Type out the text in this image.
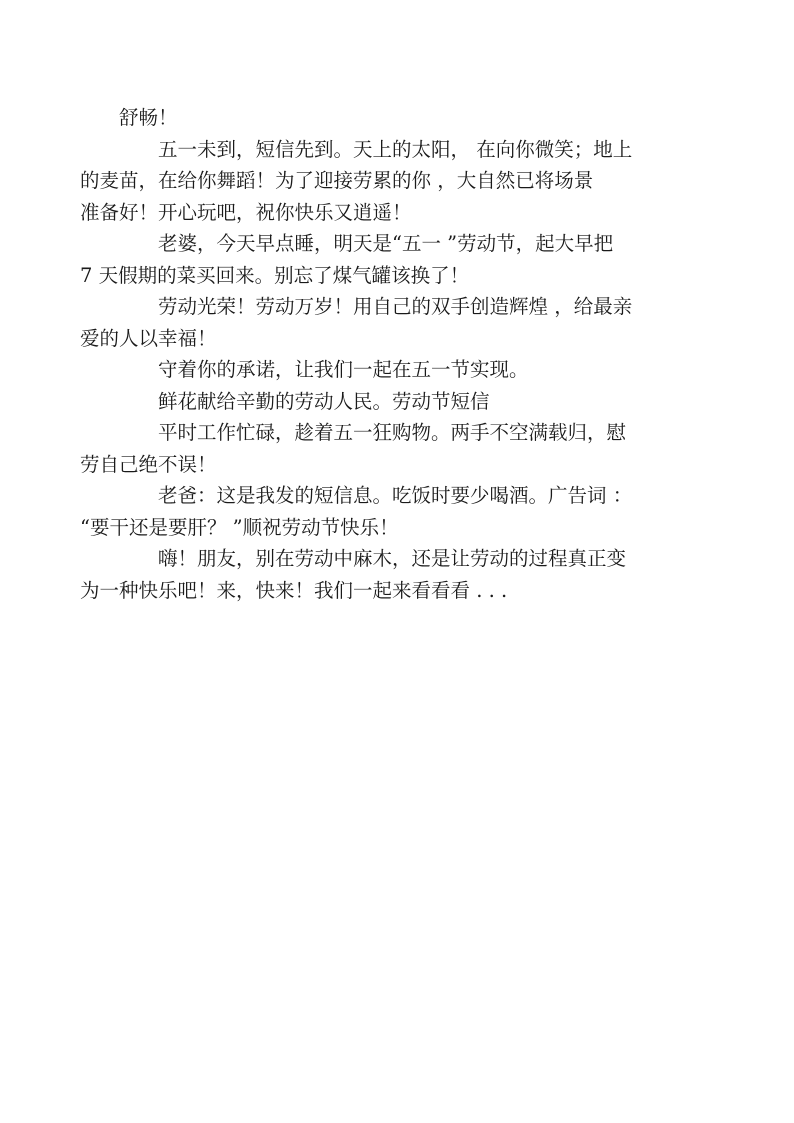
舒畅！

五一未到，短信先到。天上的太阳， 在向你微笑；地上
的麦苗，在给你舞蹈！为了迎接劳累的你 ，大自然已将场景
准备好！开心玩吧，祝你快乐又逍遥！

老婆，今天早点睡，明天是“五一 ”劳动节，起大早把
7 天假期的菜买回来。别忘了煤气罐该换了！

劳动光荣！劳动万岁！用自己的双手创造辉煌 ，给最亲
爱的人以幸福！

守着你的承诺，让我们一起在五一节实现。

鲜花献给辛勤的劳动人民。劳动节短信

平时工作忙碌，趁着五一狂购物。两手不空满载归，慰
劳自己绝不误！

老爸：这是我发的短信息。吃饭时要少喝酒。广告词 ：
“要干还是要肝？ ”顺祝劳动节快乐！

嗨！朋友，别在劳动中麻木，还是让劳动的过程真正变
为一种快乐吧！来，快来！我们一起来看看看 . . .
